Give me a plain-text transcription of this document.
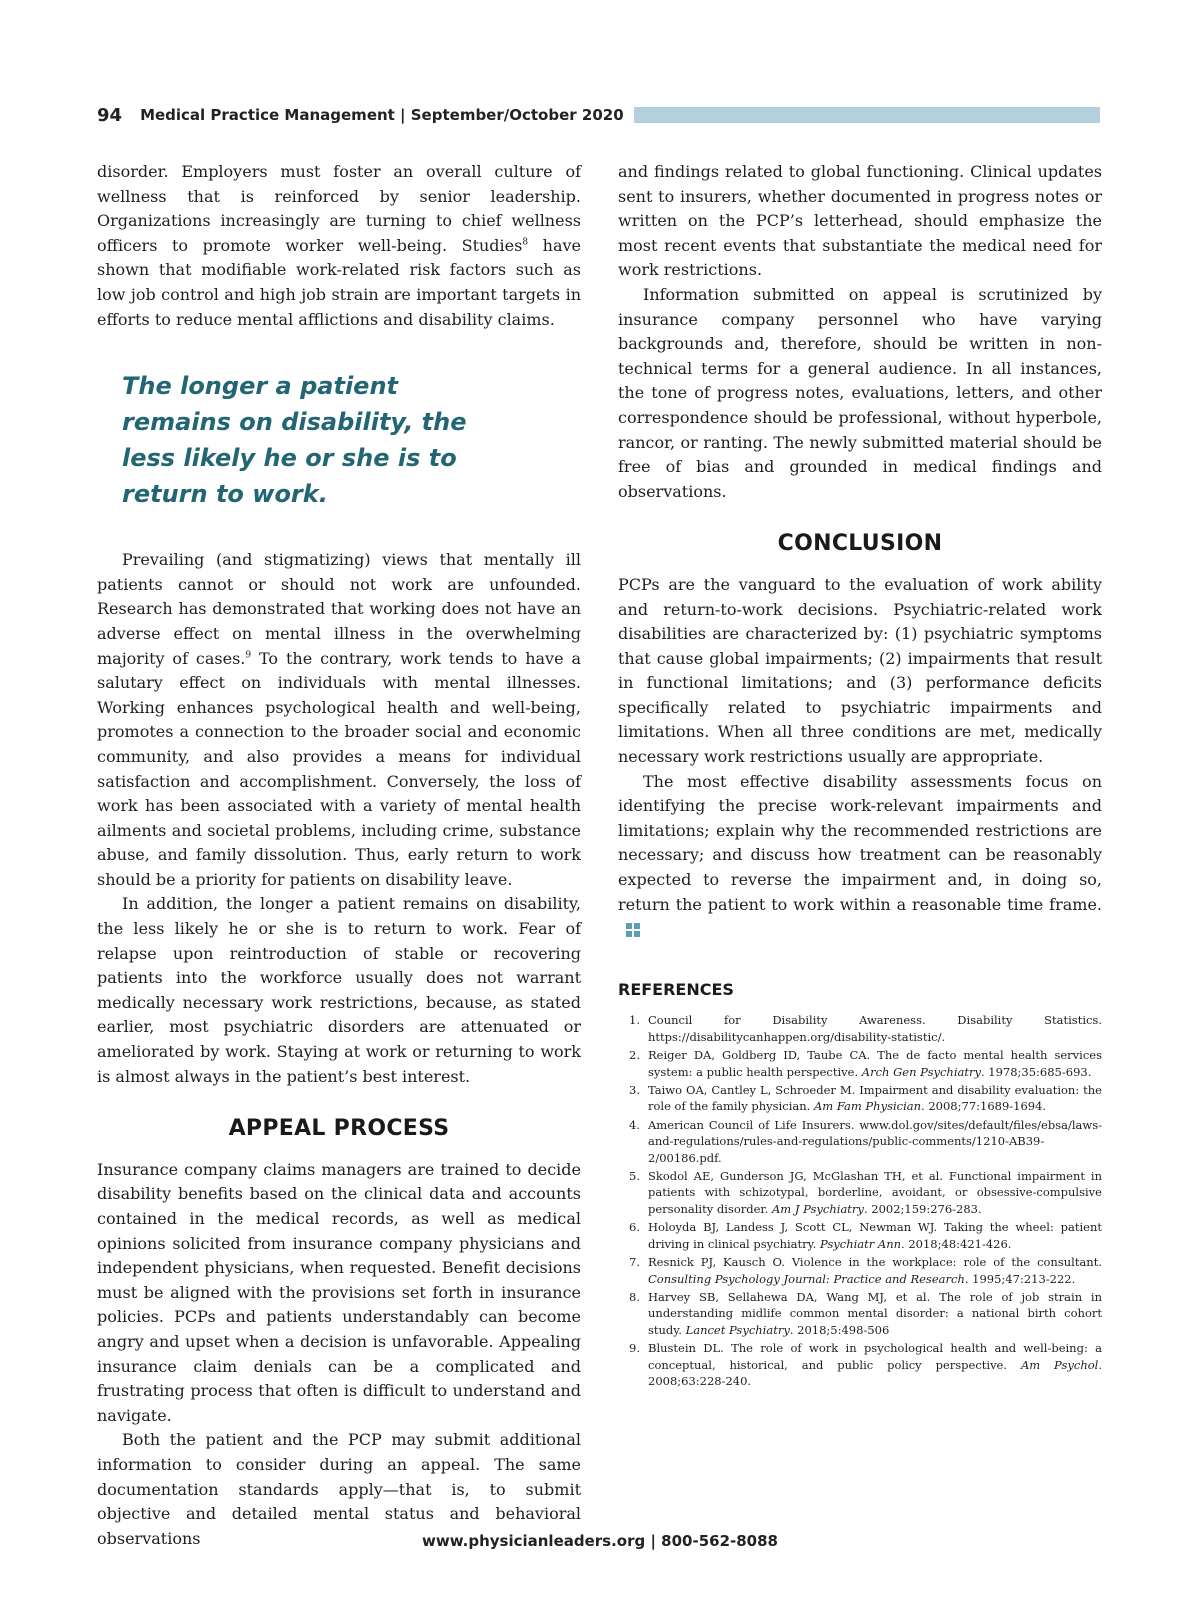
94 Medical Practice Management | September/October 2020

disorder. Employers must foster an overall culture of wellness that is reinforced by senior leadership. Organizations increasingly are turning to chief wellness officers to promote worker well-being. Studies$^8$ have shown that modifiable work-related risk factors such as low job control and high job strain are important targets in efforts to reduce mental afflictions and disability claims.

The longer a patient remains on disability, the less likely he or she is to return to work.

Prevailing (and stigmatizing) views that mentally ill patients cannot or should not work are unfounded. Research has demonstrated that working does not have an adverse effect on mental illness in the overwhelming majority of cases.$^9$ To the contrary, work tends to have a salutary effect on individuals with mental illnesses. Working enhances psychological health and well-being, promotes a connection to the broader social and economic community, and also provides a means for individual satisfaction and accomplishment. Conversely, the loss of work has been associated with a variety of mental health ailments and societal problems, including crime, substance abuse, and family dissolution. Thus, early return to work should be a priority for patients on disability leave.

In addition, the longer a patient remains on disability, the less likely he or she is to return to work. Fear of relapse upon reintroduction of stable or recovering patients into the workforce usually does not warrant medically necessary work restrictions, because, as stated earlier, most psychiatric disorders are attenuated or ameliorated by work. Staying at work or returning to work is almost always in the patient’s best interest.

APPEAL PROCESS

Insurance company claims managers are trained to decide disability benefits based on the clinical data and accounts contained in the medical records, as well as medical opinions solicited from insurance company physicians and independent physicians, when requested. Benefit decisions must be aligned with the provisions set forth in insurance policies. PCPs and patients understandably can become angry and upset when a decision is unfavorable. Appealing insurance claim denials can be a complicated and frustrating process that often is difficult to understand and navigate.

Both the patient and the PCP may submit additional information to consider during an appeal. The same documentation standards apply—that is, to submit objective and detailed mental status and behavioral observations

and findings related to global functioning. Clinical updates sent to insurers, whether documented in progress notes or written on the PCP’s letterhead, should emphasize the most recent events that substantiate the medical need for work restrictions.

Information submitted on appeal is scrutinized by insurance company personnel who have varying backgrounds and, therefore, should be written in non-technical terms for a general audience. In all instances, the tone of progress notes, evaluations, letters, and other correspondence should be professional, without hyperbole, rancor, or ranting. The newly submitted material should be free of bias and grounded in medical findings and observations.

CONCLUSION

PCPs are the vanguard to the evaluation of work ability and return-to-work decisions. Psychiatric-related work disabilities are characterized by: (1) psychiatric symptoms that cause global impairments; (2) impairments that result in functional limitations; and (3) performance deficits specifically related to psychiatric impairments and limitations. When all three conditions are met, medically necessary work restrictions usually are appropriate.

The most effective disability assessments focus on identifying the precise work-relevant impairments and limitations; explain why the recommended restrictions are necessary; and discuss how treatment can be reasonably expected to reverse the impairment and, in doing so, return the patient to work within a reasonable time frame.

REFERENCES
1. Council for Disability Awareness. Disability Statistics. https://disabilitycanhappen.org/disability-statistic/.
2. Reiger DA, Goldberg ID, Taube CA. The de facto mental health services system: a public health perspective. Arch Gen Psychiatry. 1978;35:685-693.
3. Taiwo OA, Cantley L, Schroeder M. Impairment and disability evaluation: the role of the family physician. Am Fam Physician. 2008;77:1689-1694.
4. American Council of Life Insurers. www.dol.gov/sites/default/files/ebsa/laws-and-regulations/rules-and-regulations/public-comments/1210-AB39-2/00186.pdf.
5. Skodol AE, Gunderson JG, McGlashan TH, et al. Functional impairment in patients with schizotypal, borderline, avoidant, or obsessive-compulsive personality disorder. Am J Psychiatry. 2002;159:276-283.
6. Holoyda BJ, Landess J, Scott CL, Newman WJ. Taking the wheel: patient driving in clinical psychiatry. Psychiatr Ann. 2018;48:421-426.
7. Resnick PJ, Kausch O. Violence in the workplace: role of the consultant. Consulting Psychology Journal: Practice and Research. 1995;47:213-222.
8. Harvey SB, Sellahewa DA, Wang MJ, et al. The role of job strain in understanding midlife common mental disorder: a national birth cohort study. Lancet Psychiatry. 2018;5:498-506
9. Blustein DL. The role of work in psychological health and well-being: a conceptual, historical, and public policy perspective. Am Psychol. 2008;63:228-240.
www.physicianleaders.org | 800-562-8088
